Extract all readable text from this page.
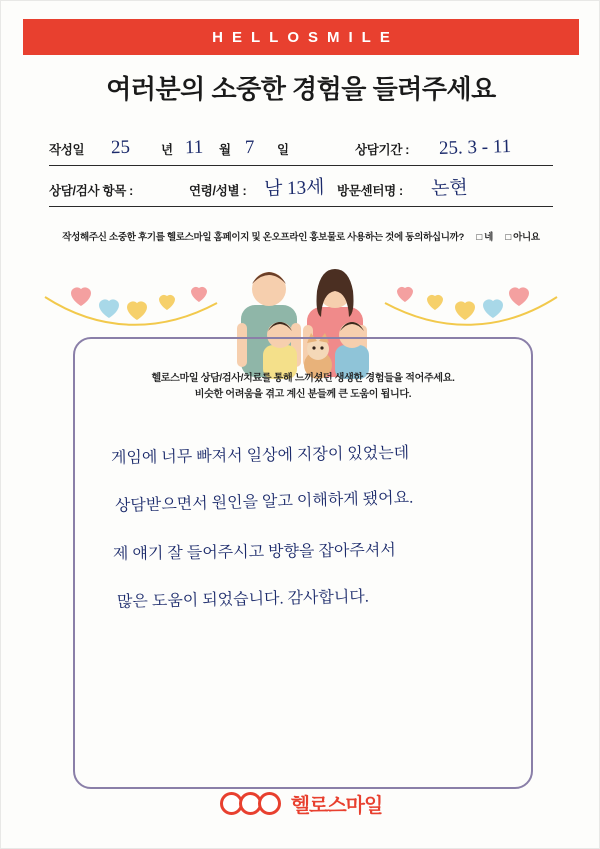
HELLOSMILE
여러분의 소중한 경험을 들려주세요
작성일 25 년 11 월 7 일	상담기간 : 25. 3 - 11
상담/검사 항목 :	연령/성별 : 남 13세 방문센터명 : 논현
작성해주신 소중한 후기를 헬로스마일 홈페이지 및 온오프라인 홍보물로 사용하는 것에 동의하십니까? □ 네 □ 아니요
헬로스마일 상담/검사/치료를 통해 느끼셨던 생생한 경험들을 적어주세요.
비슷한 어려움을 겪고 계신 분들께 큰 도움이 됩니다.
게임에 너무 빠져서 일상에 지장이 있었는데
상담받으면서 원인을 알고 이해하게 됐어요.
제 얘기 잘 들어주시고 방향을 잡아주셔서
많은 도움이 되었습니다. 감사합니다.
헬로스마일
